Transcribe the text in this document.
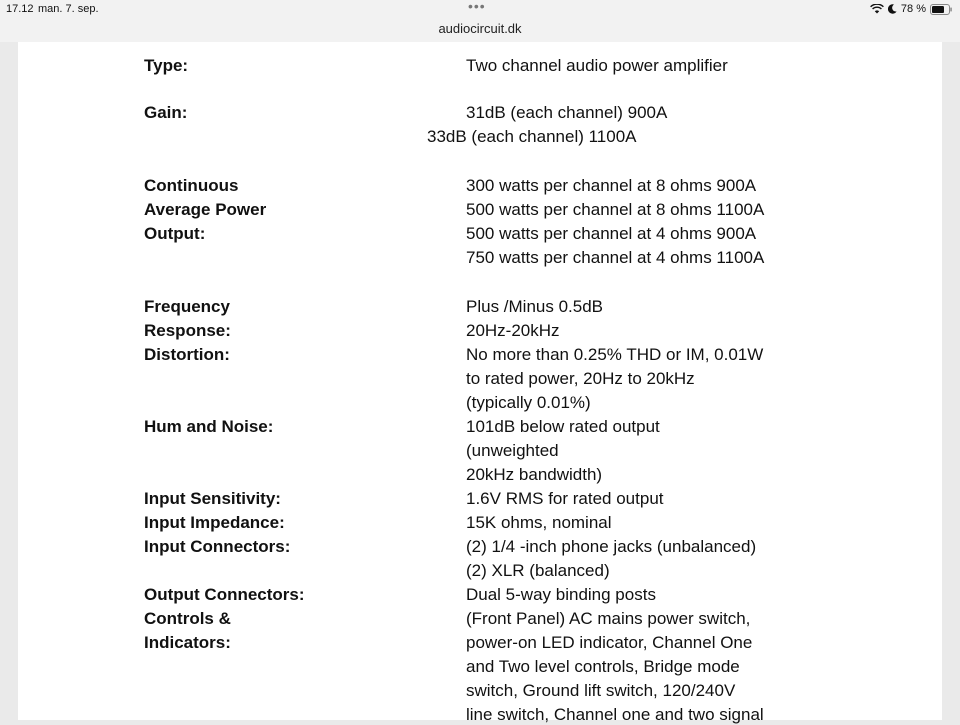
17.12 man. 7. sep.	•••	78 %
audiocircuit.dk
Type:
Gain:
Continuous
Average Power
Output:
Frequency
Response:
Distortion:
Hum and Noise:
Input Sensitivity:
Input Impedance:
Input Connectors:
Output Connectors:
Controls &
Indicators:
Two channel audio power amplifier
31dB (each channel) 900A
33dB (each channel) 1100A
300 watts per channel at 8 ohms 900A
500 watts per channel at 8 ohms 1100A
500 watts per channel at 4 ohms 900A
750 watts per channel at 4 ohms 1100A
Plus /Minus 0.5dB
20Hz-20kHz
No more than 0.25% THD or IM, 0.01W
to rated power, 20Hz to 20kHz
(typically 0.01%)
101dB below rated output
(unweighted
20kHz bandwidth)
1.6V RMS for rated output
15K ohms, nominal
(2) 1/4 -inch phone jacks (unbalanced)
(2) XLR (balanced)
Dual 5-way binding posts
(Front Panel) AC mains power switch,
power-on LED indicator, Channel One
and Two level controls, Bridge mode
switch, Ground lift switch, 120/240V
line switch, Channel one and two signal
